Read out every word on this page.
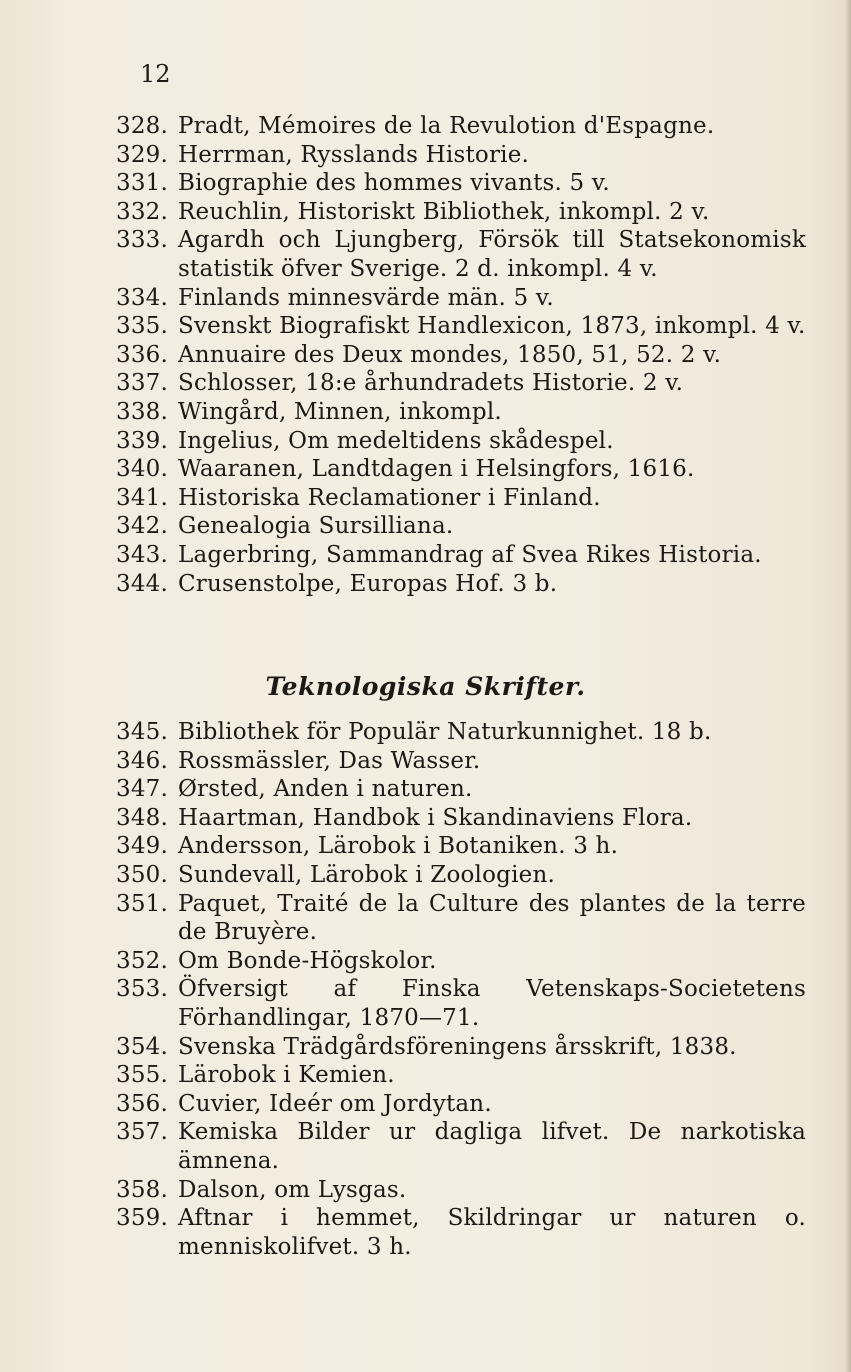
12
328. Pradt, Mémoires de la Revulotion d'Espagne.
329. Herrman, Rysslands Historie.
331. Biographie des hommes vivants. 5 v.
332. Reuchlin, Historiskt Bibliothek, inkompl. 2 v.
333. Agardh och Ljungberg, Försök till Statsekonomisk statistik öfver Sverige. 2 d. inkompl. 4 v.
334. Finlands minnesvärde män. 5 v.
335. Svenskt Biografiskt Handlexicon, 1873, inkompl. 4 v.
336. Annuaire des Deux mondes, 1850, 51, 52. 2 v.
337. Schlosser, 18:e århundradets Historie. 2 v.
338. Wingård, Minnen, inkompl.
339. Ingelius, Om medeltidens skådespel.
340. Waaranen, Landtdagen i Helsingfors, 1616.
341. Historiska Reclamationer i Finland.
342. Genealogia Sursilliana.
343. Lagerbring, Sammandrag af Svea Rikes Historia.
344. Crusenstolpe, Europas Hof. 3 b.
Teknologiska Skrifter.
345. Bibliothek för Populär Naturkunnighet. 18 b.
346. Rossmässler, Das Wasser.
347. Ørsted, Anden i naturen.
348. Haartman, Handbok i Skandinaviens Flora.
349. Andersson, Lärobok i Botaniken. 3 h.
350. Sundevall, Lärobok i Zoologien.
351. Paquet, Traité de la Culture des plantes de la terre de Bruyère.
352. Om Bonde-Högskolor.
353. Öfversigt af Finska Vetenskaps-Societetens Förhandlingar, 1870—71.
354. Svenska Trädgårdsföreningens årsskrift, 1838.
355. Lärobok i Kemien.
356. Cuvier, Ideér om Jordytan.
357. Kemiska Bilder ur dagliga lifvet. De narkotiska ämnena.
358. Dalson, om Lysgas.
359. Aftnar i hemmet, Skildringar ur naturen o. menniskolifvet. 3 h.
